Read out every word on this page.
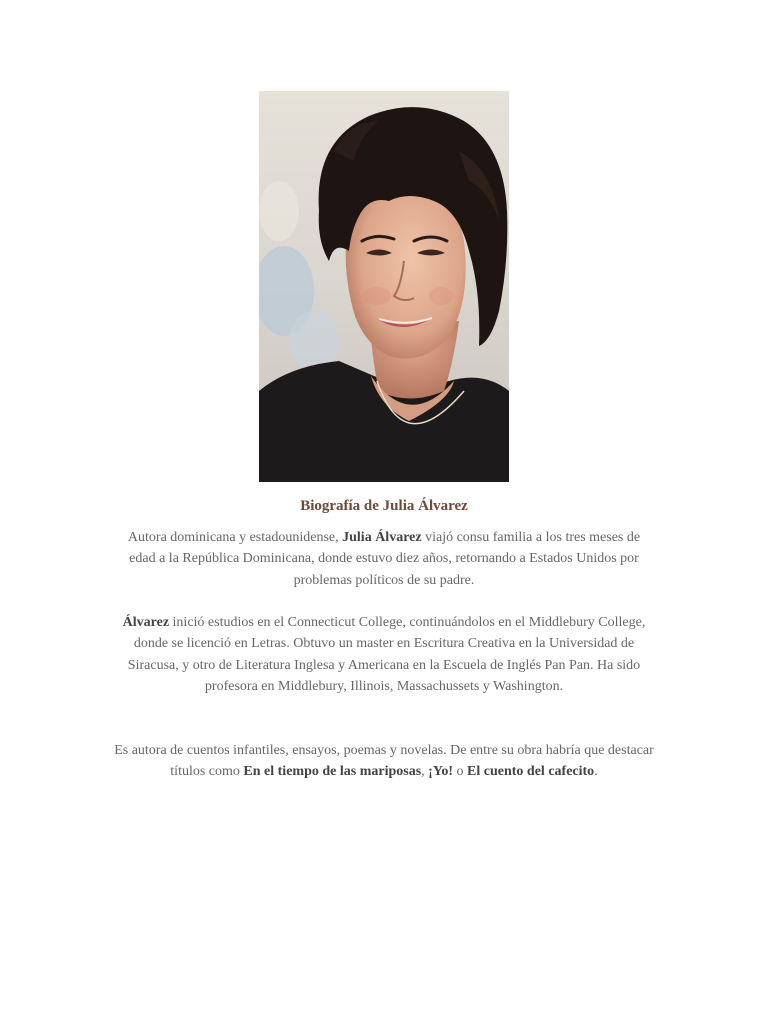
Biografía de Julia Álvarez

Autora dominicana y estadounidense, Julia Álvarez viajó consu familia a los tres meses de edad a la República Dominicana, donde estuvo diez años, retornando a Estados Unidos por problemas políticos de su padre.

Álvarez inició estudios en el Connecticut College, continuándolos en el Middlebury College, donde se licenció en Letras. Obtuvo un master en Escritura Creativa en la Universidad de Siracusa, y otro de Literatura Inglesa y Americana en la Escuela de Inglés Pan Pan. Ha sido profesora en Middlebury, Illinois, Massachussets y Washington.

Es autora de cuentos infantiles, ensayos, poemas y novelas. De entre su obra habría que destacar títulos como En el tiempo de las mariposas, ¡Yo! o El cuento del cafecito.
